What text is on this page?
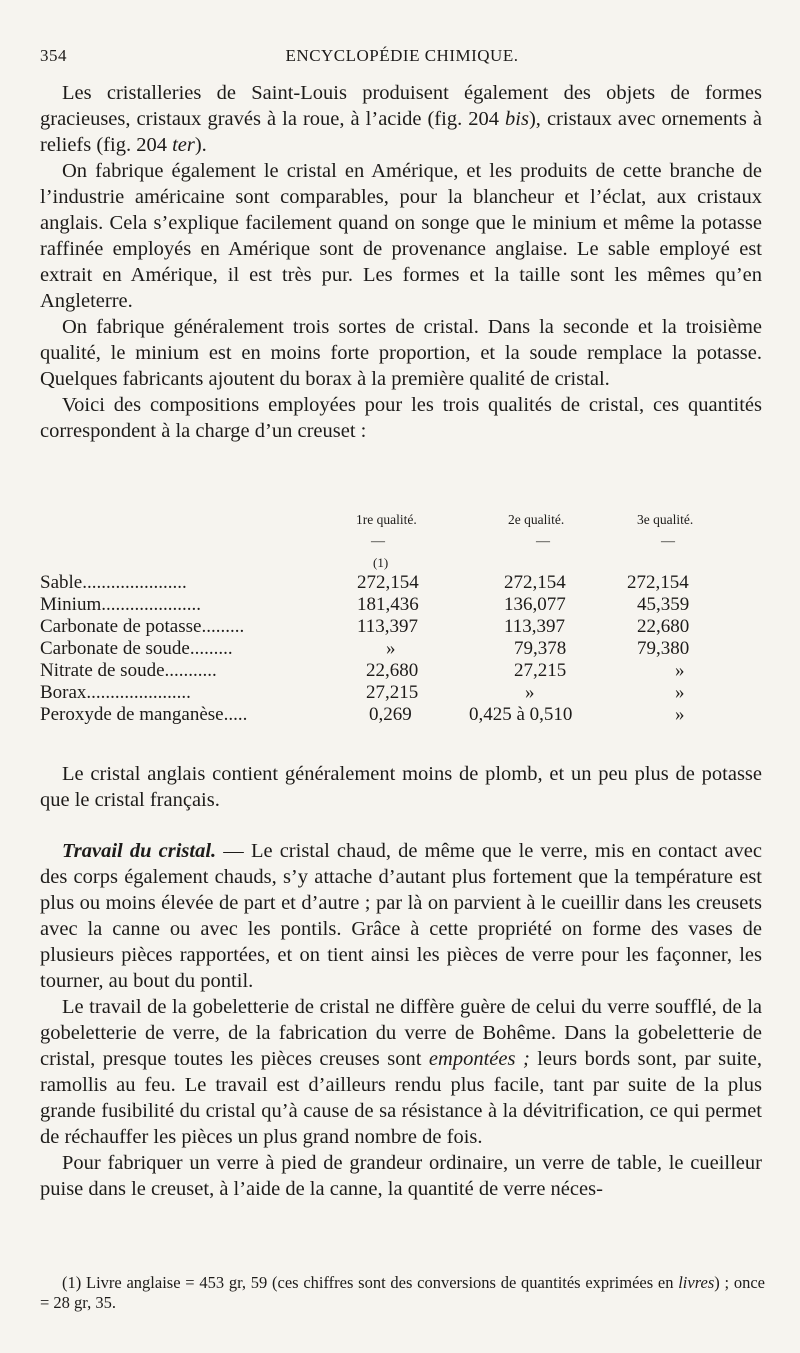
354	ENCYCLOPÉDIE CHIMIQUE.

Les cristalleries de Saint-Louis produisent également des objets de formes gracieuses, cristaux gravés à la roue, à l’acide (fig. 204 bis), cristaux avec ornements à reliefs (fig. 204 ter).

On fabrique également le cristal en Amérique, et les produits de cette branche de l’industrie américaine sont comparables, pour la blancheur et l’éclat, aux cristaux anglais. Cela s’explique facilement quand on songe que le minium et même la potasse raffinée employés en Amérique sont de provenance anglaise. Le sable employé est extrait en Amérique, il est très pur. Les formes et la taille sont les mêmes qu’en Angleterre.

On fabrique généralement trois sortes de cristal. Dans la seconde et la troisième qualité, le minium est en moins forte proportion, et la soude remplace la potasse. Quelques fabricants ajoutent du borax à la première qualité de cristal.

Voici des compositions employées pour les trois qualités de cristal, ces quantités correspondent à la charge d’un creuset :

1re qualité.	2e qualité.	3e qualité.
—	—	—
(1)
Sable......................	272,154	272,154	272,154
Minium.....................	181,436	136,077	45,359
Carbonate de potasse.........	113,397	113,397	22,680
Carbonate de soude.........	»	79,378	79,380
Nitrate de soude...........	22,680	27,215	»
Borax......................	27,215	»	»
Peroxyde de manganèse.....	0,269	0,425 à 0,510	»

Le cristal anglais contient généralement moins de plomb, et un peu plus de potasse que le cristal français.

Travail du cristal. — Le cristal chaud, de même que le verre, mis en contact avec des corps également chauds, s’y attache d’autant plus fortement que la température est plus ou moins élevée de part et d’autre ; par là on parvient à le cueillir dans les creusets avec la canne ou avec les pontils. Grâce à cette propriété on forme des vases de plusieurs pièces rapportées, et on tient ainsi les pièces de verre pour les façonner, les tourner, au bout du pontil.

Le travail de la gobeletterie de cristal ne diffère guère de celui du verre soufflé, de la gobeletterie de verre, de la fabrication du verre de Bohême. Dans la gobeletterie de cristal, presque toutes les pièces creuses sont empontées ; leurs bords sont, par suite, ramollis au feu. Le travail est d’ailleurs rendu plus facile, tant par suite de la plus grande fusibilité du cristal qu’à cause de sa résistance à la dévitrification, ce qui permet de réchauffer les pièces un plus grand nombre de fois.

Pour fabriquer un verre à pied de grandeur ordinaire, un verre de table, le cueilleur puise dans le creuset, à l’aide de la canne, la quantité de verre néces-

(1) Livre anglaise = 453 gr, 59 (ces chiffres sont des conversions de quantités exprimées en livres) ; once = 28 gr, 35.
